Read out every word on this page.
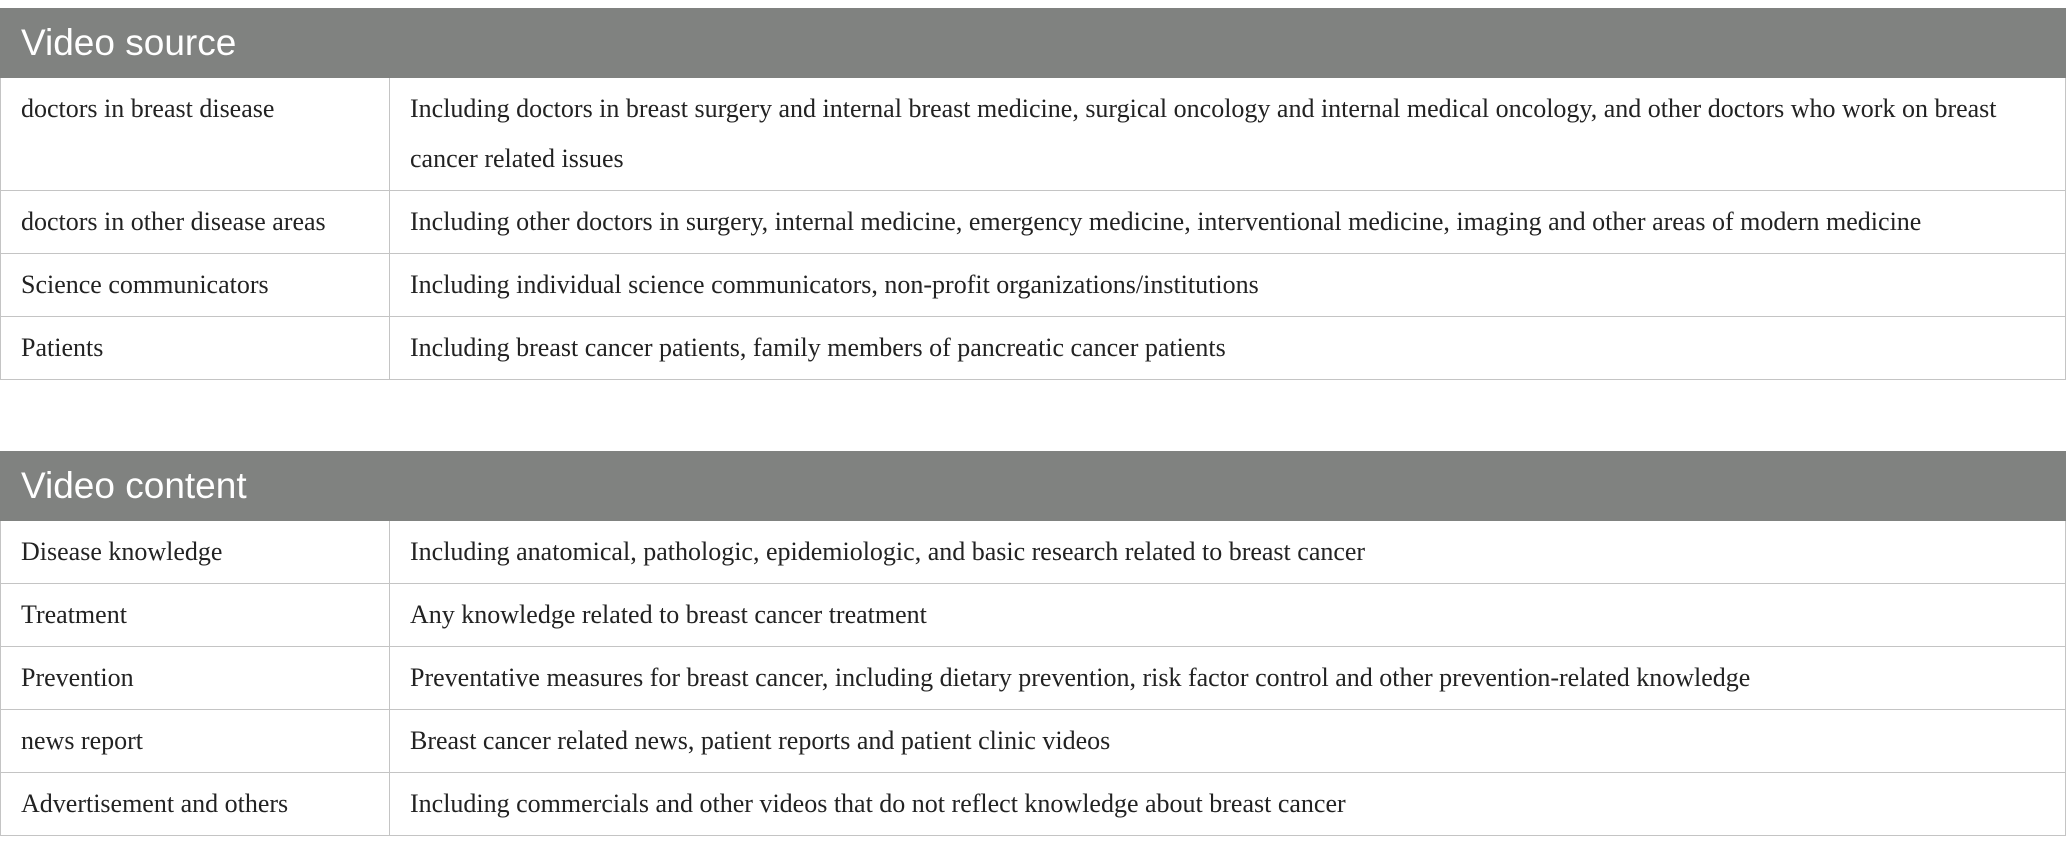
Video source	
doctors in breast disease	Including doctors in breast surgery and internal breast medicine, surgical oncology and internal medical oncology, and other doctors who work on breast cancer related issues
doctors in other disease areas	Including other doctors in surgery, internal medicine, emergency medicine, interventional medicine, imaging and other areas of modern medicine
Science communicators	Including individual science communicators, non-profit organizations/institutions
Patients	Including breast cancer patients, family members of pancreatic cancer patients
Video content	
Disease knowledge	Including anatomical, pathologic, epidemiologic, and basic research related to breast cancer
Treatment	Any knowledge related to breast cancer treatment
Prevention	Preventative measures for breast cancer, including dietary prevention, risk factor control and other prevention-related knowledge
news report	Breast cancer related news, patient reports and patient clinic videos
Advertisement and others	Including commercials and other videos that do not reflect knowledge about breast cancer
